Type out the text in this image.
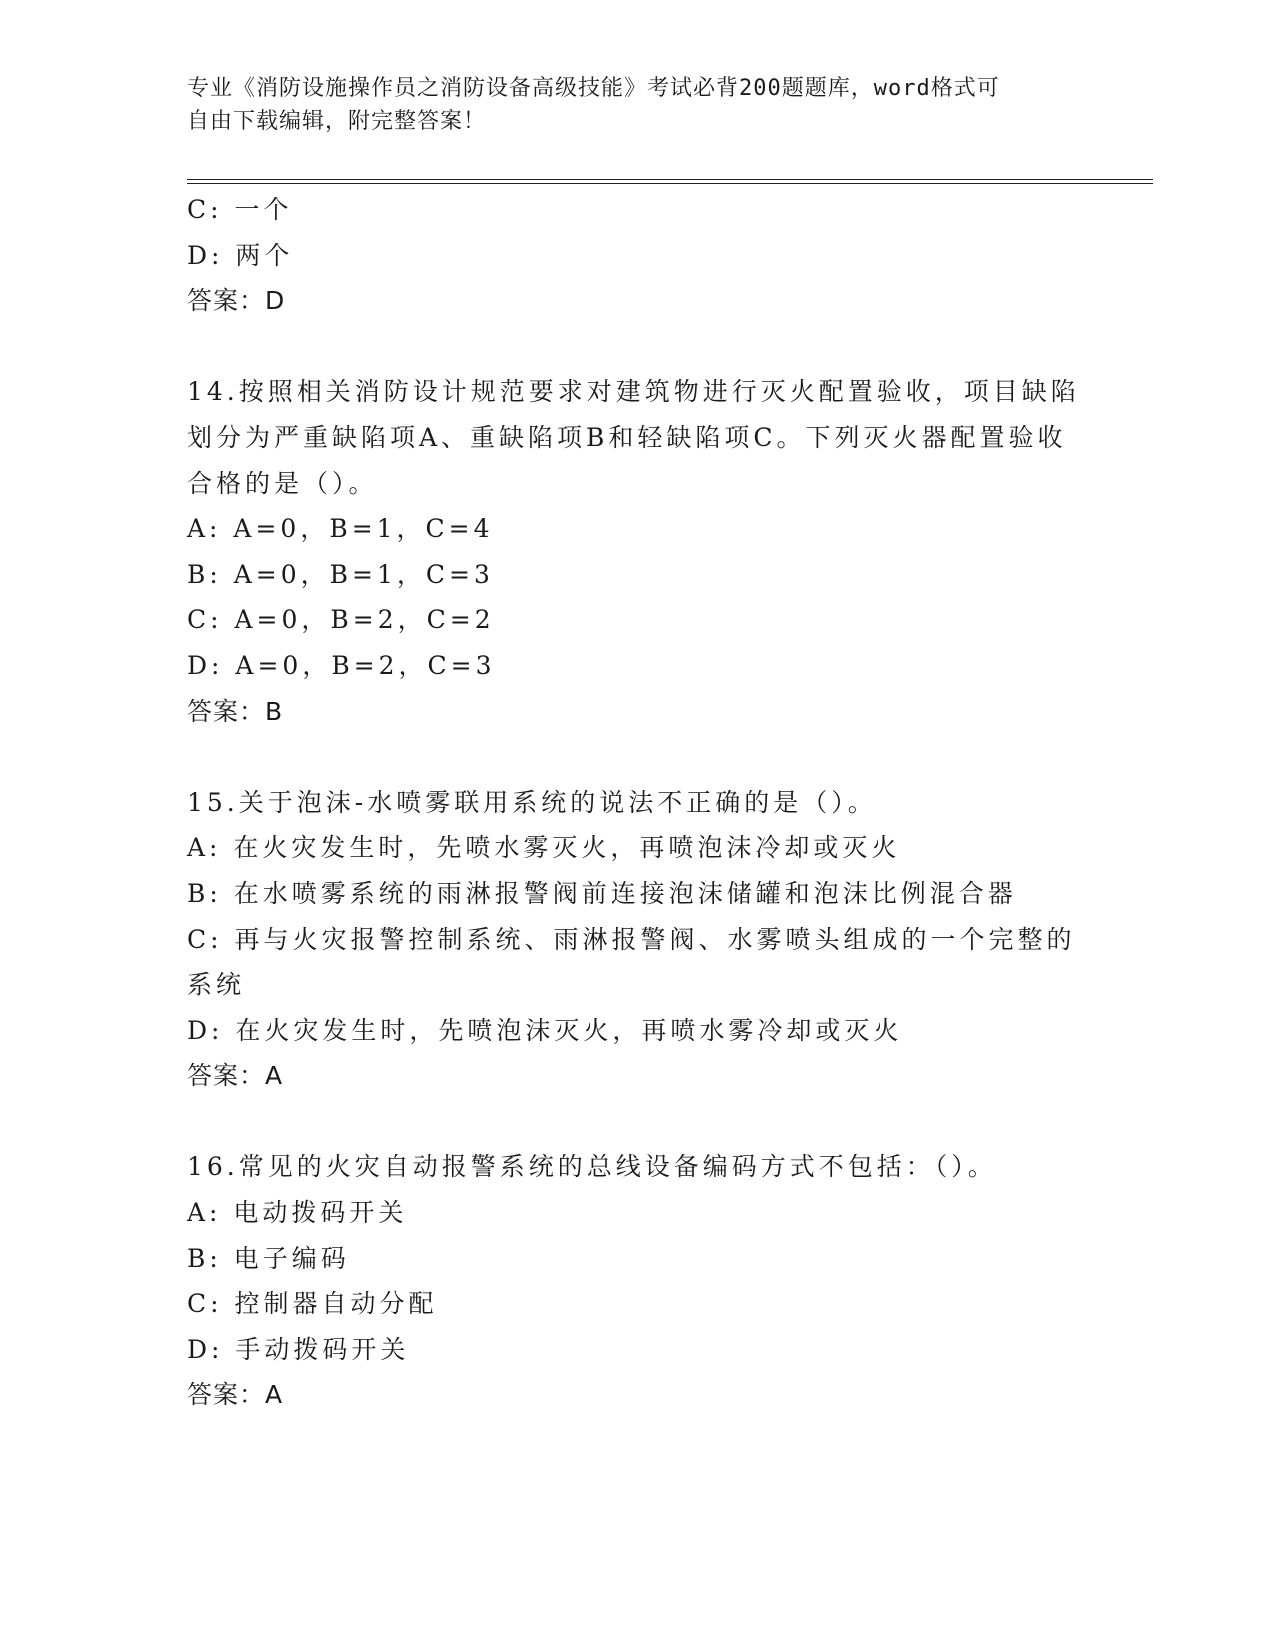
专业《消防设施操作员之消防设备高级技能》考试必背200题题库，word格式可
自由下载编辑，附完整答案！
C: 一个
D: 两个
答案：D
14.按照相关消防设计规范要求对建筑物进行灭火配置验收，项目缺陷
划分为严重缺陷项A、重缺陷项B和轻缺陷项C。下列灭火器配置验收
合格的是（）。
A: A=0，B=1，C=4
B: A=0，B=1，C=3
C: A=0，B=2，C=2
D: A=0，B=2，C=3
答案：B
15.关于泡沫-水喷雾联用系统的说法不正确的是（）。
A: 在火灾发生时，先喷水雾灭火，再喷泡沫冷却或灭火
B: 在水喷雾系统的雨淋报警阀前连接泡沫储罐和泡沫比例混合器
C: 再与火灾报警控制系统、雨淋报警阀、水雾喷头组成的一个完整的
系统
D: 在火灾发生时，先喷泡沫灭火，再喷水雾冷却或灭火
答案：A
16.常见的火灾自动报警系统的总线设备编码方式不包括：（）。
A: 电动拨码开关
B: 电子编码
C: 控制器自动分配
D: 手动拨码开关
答案：A
